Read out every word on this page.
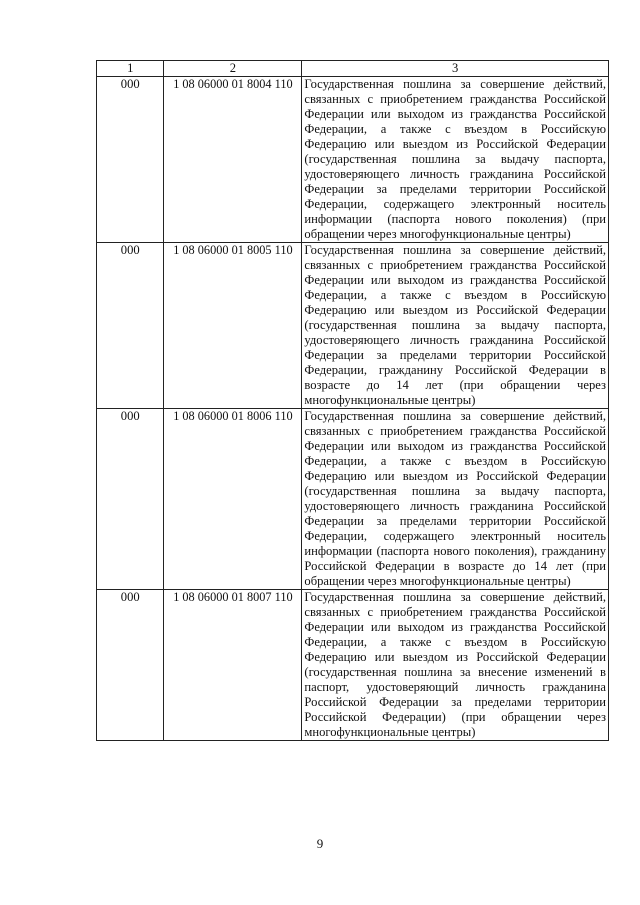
1	2	3
000	1 08 06000 01 8004 110	Государственная пошлина за совершение действий, связанных с приобретением гражданства Российской Федерации или выходом из гражданства Российской Федерации, а также с въездом в Российскую Федерацию или выездом из Российской Федерации (государственная пошлина за выдачу паспорта, удостоверяющего личность гражданина Российской Федерации за пределами территории Российской Федерации, содержащего электронный носитель информации (паспорта нового поколения) (при обращении через многофункциональные центры)
000	1 08 06000 01 8005 110	Государственная пошлина за совершение действий, связанных с приобретением гражданства Российской Федерации или выходом из гражданства Российской Федерации, а также с въездом в Российскую Федерацию или выездом из Российской Федерации (государственная пошлина за выдачу паспорта, удостоверяющего личность гражданина Российской Федерации за пределами территории Российской Федерации, гражданину Российской Федерации в возрасте до 14 лет (при обращении через многофункциональные центры)
000	1 08 06000 01 8006 110	Государственная пошлина за совершение действий, связанных с приобретением гражданства Российской Федерации или выходом из гражданства Российской Федерации, а также с въездом в Российскую Федерацию или выездом из Российской Федерации (государственная пошлина за выдачу паспорта, удостоверяющего личность гражданина Российской Федерации за пределами территории Российской Федерации, содержащего электронный носитель информации (паспорта нового поколения), гражданину Российской Федерации в возрасте до 14 лет (при обращении через многофункциональные центры)
000	1 08 06000 01 8007 110	Государственная пошлина за совершение действий, связанных с приобретением гражданства Российской Федерации или выходом из гражданства Российской Федерации, а также с въездом в Российскую Федерацию или выездом из Российской Федерации (государственная пошлина за внесение изменений в паспорт, удостоверяющий личность гражданина Российской Федерации за пределами территории Российской Федерации) (при обращении через многофункциональные центры)
9
